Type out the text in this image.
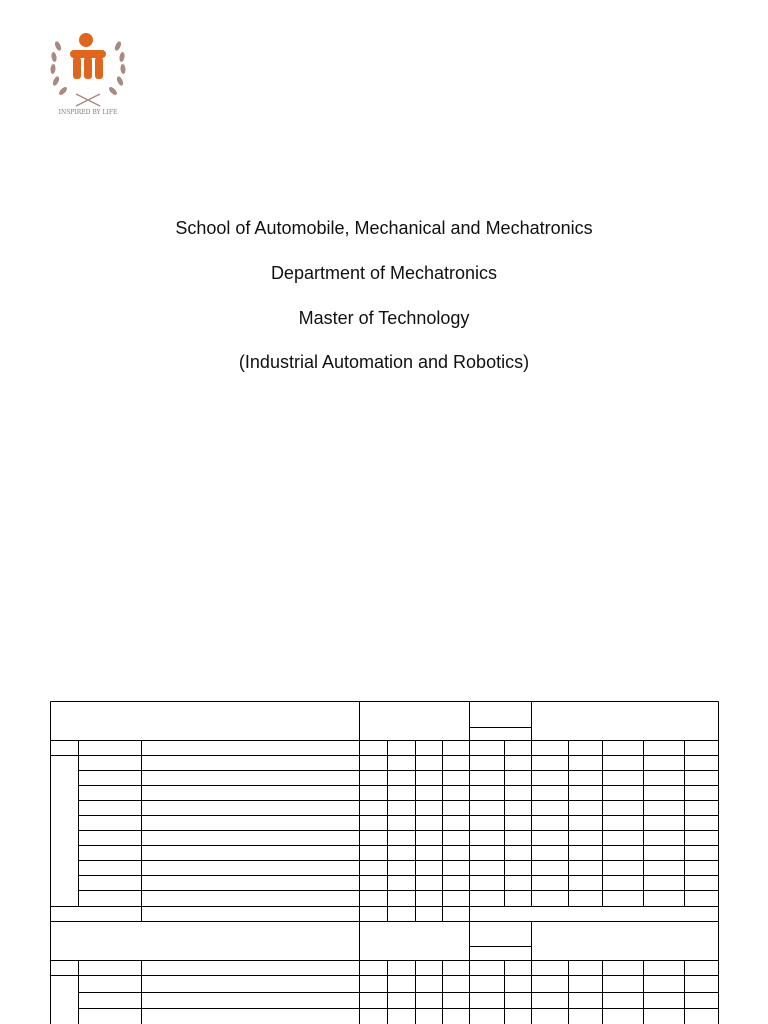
INSPIRED BY LIFE
School of Automobile, Mechanical and Mechatronics
Department of Mechatronics
Master of Technology
(Industrial Automation and Robotics)
